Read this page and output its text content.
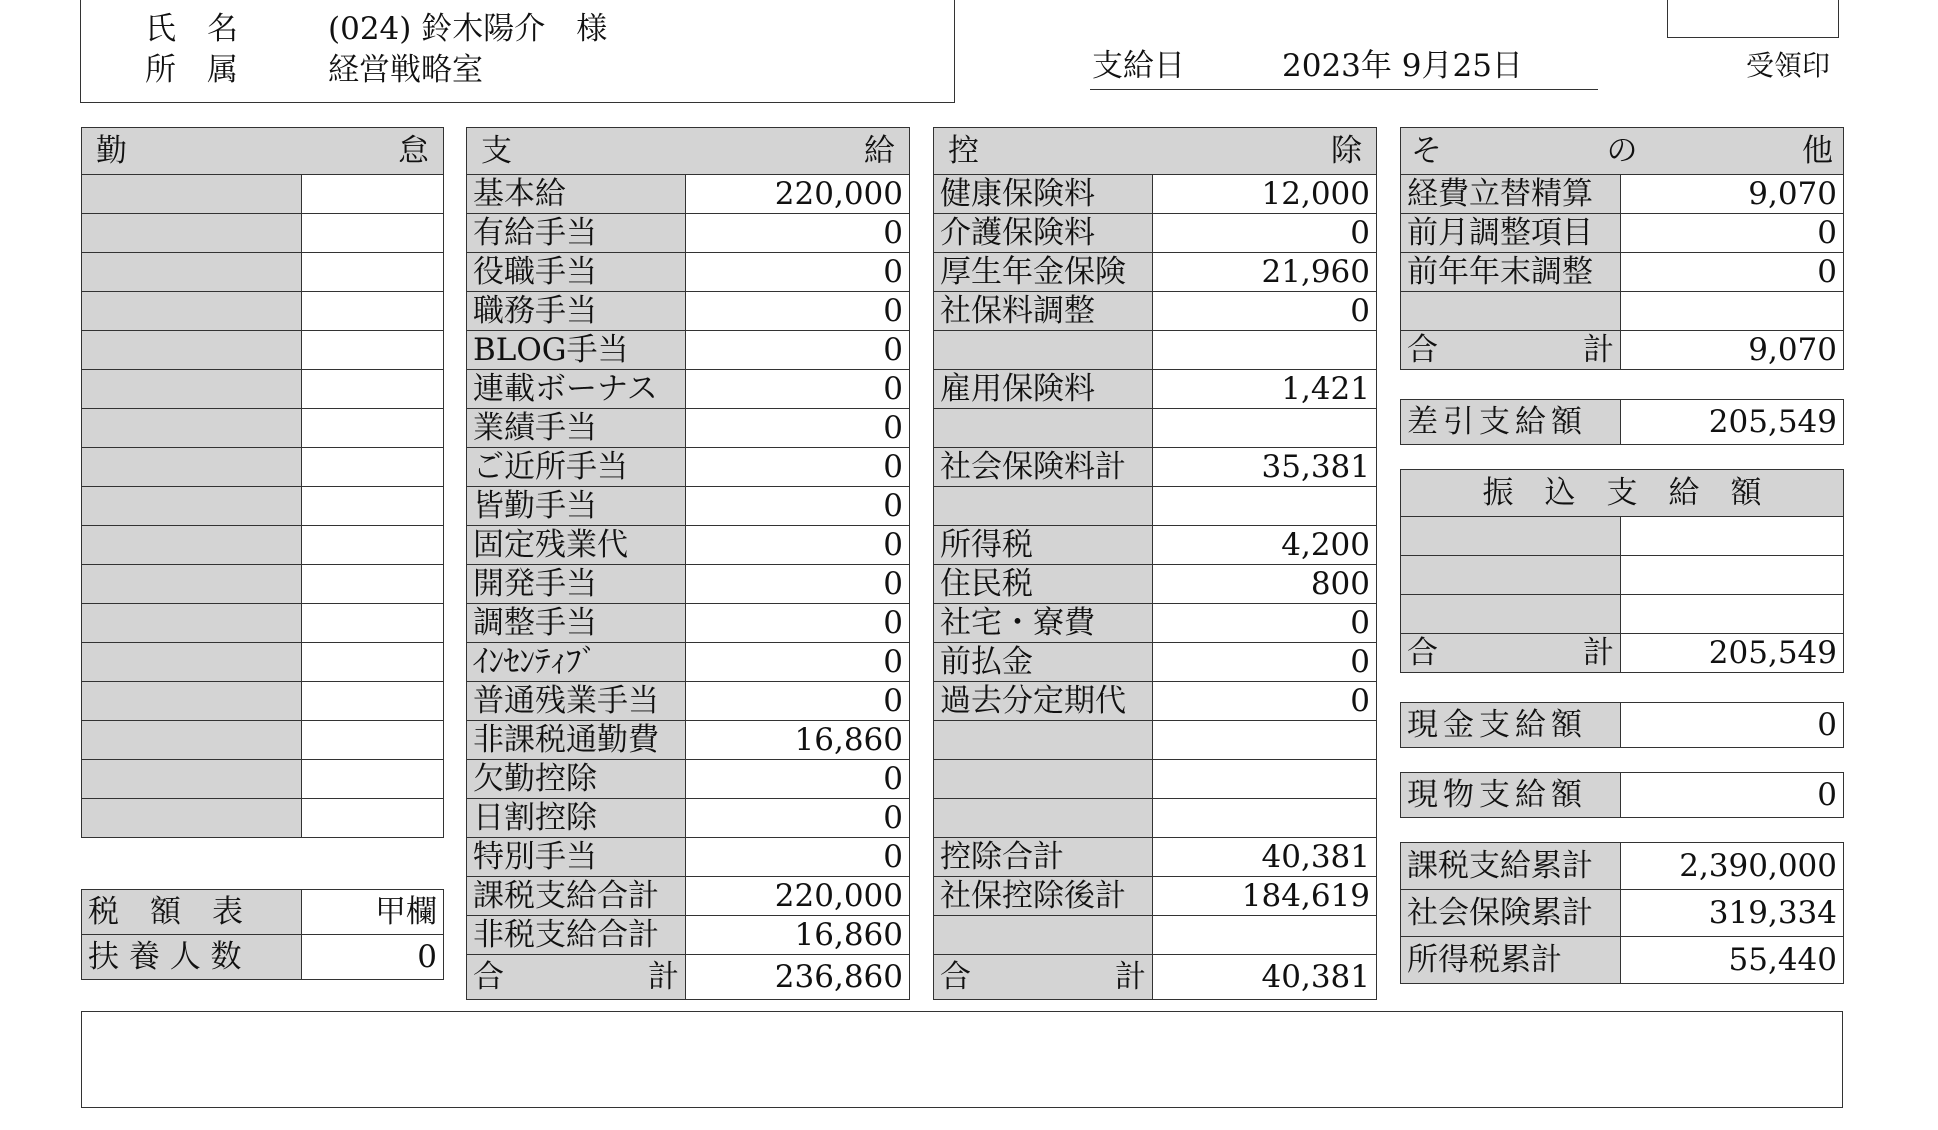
氏　名	(024) 鈴木陽介　様
所　属	経営戦略室	支給日	2023年 9月25日	受領印
勤 怠	

税　額　表	甲欄
扶 養 人 数	0
支 給	

基本給	220,000
有給手当	0
役職手当	0
職務手当	0
BLOG手当	0
連載ボーナス	0
業績手当	0
ご近所手当	0
皆勤手当	0
固定残業代	0
開発手当	0
調整手当	0
ｲﾝｾﾝﾃｨﾌﾞ	0
普通残業手当	0
非課税通勤費	16,860
欠勤控除	0
日割控除	0
特別手当	0
課税支給合計	220,000
非税支給合計	16,860

合 計	236,860
控 除	

健康保険料	12,000
介護保険料	0
厚生年金保険	21,960
社保料調整	0

雇用保険料	1,421

社会保険料計	35,381

所得税	4,200
住民税	800
社宅・寮費	0
前払金	0
過去分定期代	0

控除合計	40,381
社保控除後計	184,619

合 計	40,381
そ の 他	

経費立替精算	9,070
前月調整項目	0
前年年末調整	0

合 計	9,070
差引支給額	205,549
振　込　支　給　額	

合 計	205,549
現金支給額	0
現物支給額	0
課税支給累計	2,390,000
社会保険累計	319,334
所得税累計	55,440
